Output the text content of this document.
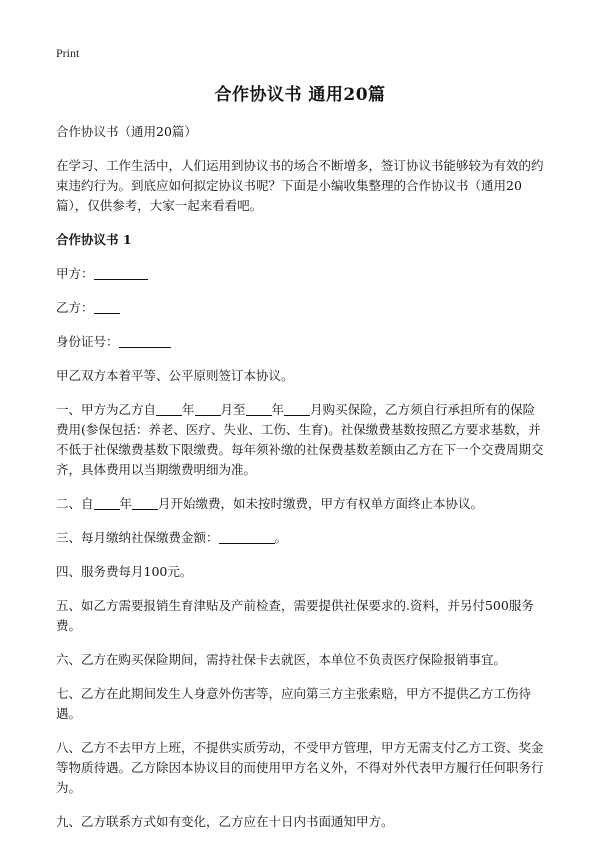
Print
合作协议书 通用20篇

合作协议书（通用20篇）

在学习、工作生活中，人们运用到协议书的场合不断增多，签订协议书能够较为有效的约束违约行为。到底应如何拟定协议书呢？下面是小编收集整理的合作协议书（通用20篇），仅供参考，大家一起来看看吧。

合作协议书 1

甲方：

乙方：

身份证号：

甲乙双方本着平等、公平原则签订本协议。

一、甲方为乙方自 年 月至 年 月购买保险，乙方须自行承担所有的保险费用(参保包括：养老、医疗、失业、工伤、生育)。社保缴费基数按照乙方要求基数，并不低于社保缴费基数下限缴费。每年须补缴的社保费基数差额由乙方在下一个交费周期交齐，具体费用以当期缴费明细为准。

二、自 年 月开始缴费，如未按时缴费，甲方有权单方面终止本协议。

三、每月缴纳社保缴费金额：	。

四、服务费每月100元。

五、如乙方需要报销生育津贴及产前检查，需要提供社保要求的.资料，并另付500服务费。

六、乙方在购买保险期间，需持社保卡去就医，本单位不负责医疗保险报销事宜。

七、乙方在此期间发生人身意外伤害等，应向第三方主张索赔，甲方不提供乙方工伤待遇。

八、乙方不去甲方上班，不提供实质劳动，不受甲方管理，甲方无需支付乙方工资、奖金等物质待遇。乙方除因本协议目的而使用甲方名义外，不得对外代表甲方履行任何职务行为。

九、乙方联系方式如有变化，乙方应在十日内书面通知甲方。
